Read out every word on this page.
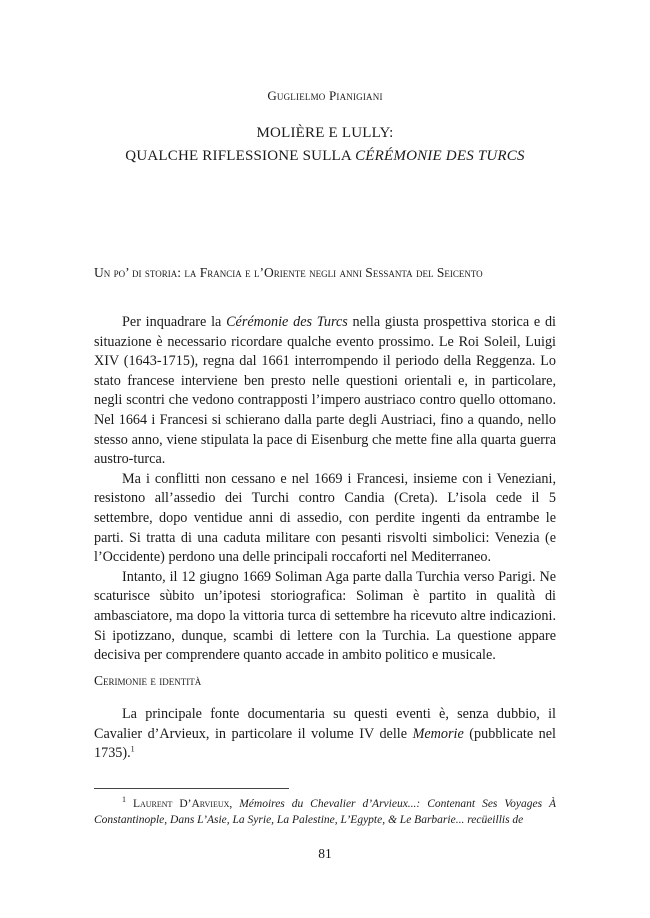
Guglielmo Pianigiani
MOLIÈRE E LULLY:
QUALCHE RIFLESSIONE SULLA CÉRÉMONIE DES TURCS
Un po’ di storia: la Francia e l’Oriente negli anni Sessanta del Seicento

Per inquadrare la Cérémonie des Turcs nella giusta prospettiva storica e di situazione è necessario ricordare qualche evento prossimo. Le Roi Soleil, Luigi XIV (1643-1715), regna dal 1661 interrompendo il periodo della Reggenza. Lo stato francese interviene ben presto nelle questioni orientali e, in particolare, negli scontri che vedono contrapposti l’impero austriaco contro quello ottomano. Nel 1664 i Francesi si schierano dalla parte degli Austriaci, fino a quando, nello stesso anno, viene stipulata la pace di Eisenburg che mette fine alla quarta guerra austro-turca.

Ma i conflitti non cessano e nel 1669 i Francesi, insieme con i Veneziani, resistono all’assedio dei Turchi contro Candia (Creta). L’isola cede il 5 settembre, dopo ventidue anni di assedio, con perdite ingenti da entrambe le parti. Si tratta di una caduta militare con pesanti risvolti simbolici: Venezia (e l’Occidente) perdono una delle principali roccaforti nel Mediterraneo.

Intanto, il 12 giugno 1669 Soliman Aga parte dalla Turchia verso Parigi. Ne scaturisce sùbito un’ipotesi storiografica: Soliman è partito in qualità di ambasciatore, ma dopo la vittoria turca di settembre ha ricevuto altre indicazioni. Si ipotizzano, dunque, scambi di lettere con la Turchia. La questione appare decisiva per comprendere quanto accade in ambito politico e musicale.

Cerimonie e identità

La principale fonte documentaria su questi eventi è, senza dubbio, il Cavalier d’Arvieux, in particolare il volume IV delle Memorie (pubblicate nel 1735).$^1$

$^1$ Laurent D’Arvieux, Mémoires du Chevalier d’Arvieux...: Contenant Ses Voyages À Constantinople, Dans L’Asie, La Syrie, La Palestine, L’Egypte, & Le Barbarie... recüeillis de
81
